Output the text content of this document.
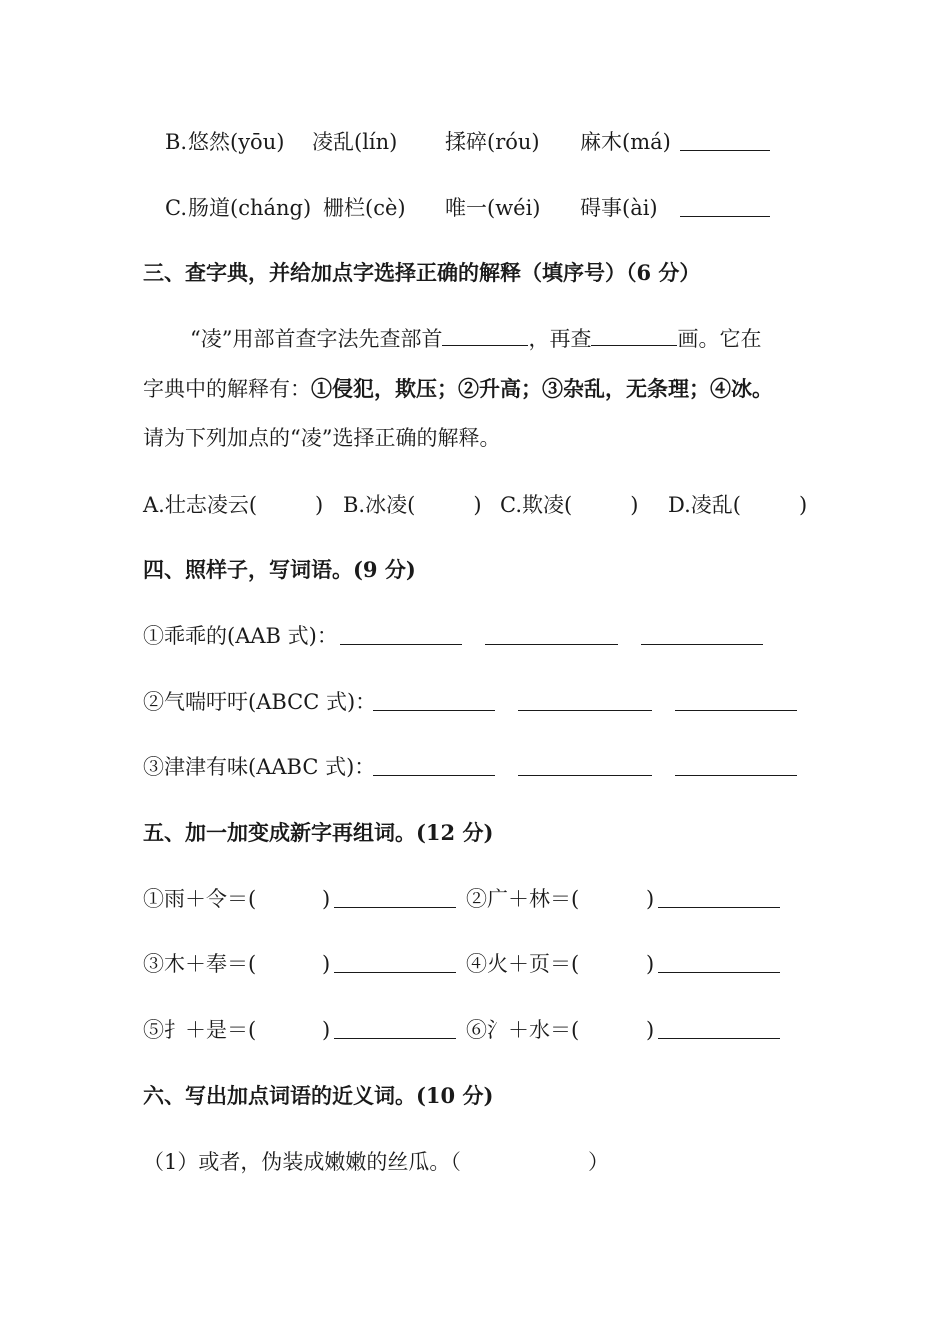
B. 悠然(yōu) 凌乱(lín) 揉碎(róu) 麻木(má)
C. 肠道(cháng) 栅栏(cè) 唯一(wéi) 碍事(ài)
三、查字典，并给加点字选择正确的解释（填序号）（6 分）
“凌”用部首查字法先查部首	，再查	画。它在
字典中的解释有：①侵犯，欺压；②升高；③杂乱，无条理；④冰。
请为下列加点的“凌”选择正确的解释。
A.壮志凌云(	) B.冰凌(	) C.欺凌(	) D.凌乱(	)
四、照样子，写词语。(9 分)
①乖乖的(AAB 式)：
②气喘吁吁(ABCC 式)：
③津津有味(AABC 式)：
五、加一加变成新字再组词。(12 分)
①雨＋令＝(	)	②广＋林＝(	)
③木＋奉＝(	)	④火＋页＝(	)
⑤扌＋是＝(	)	⑥氵＋水＝(	)
六、写出加点词语的近义词。(10 分)
（1）或者，伪装成嫩嫩的丝瓜。（	）
